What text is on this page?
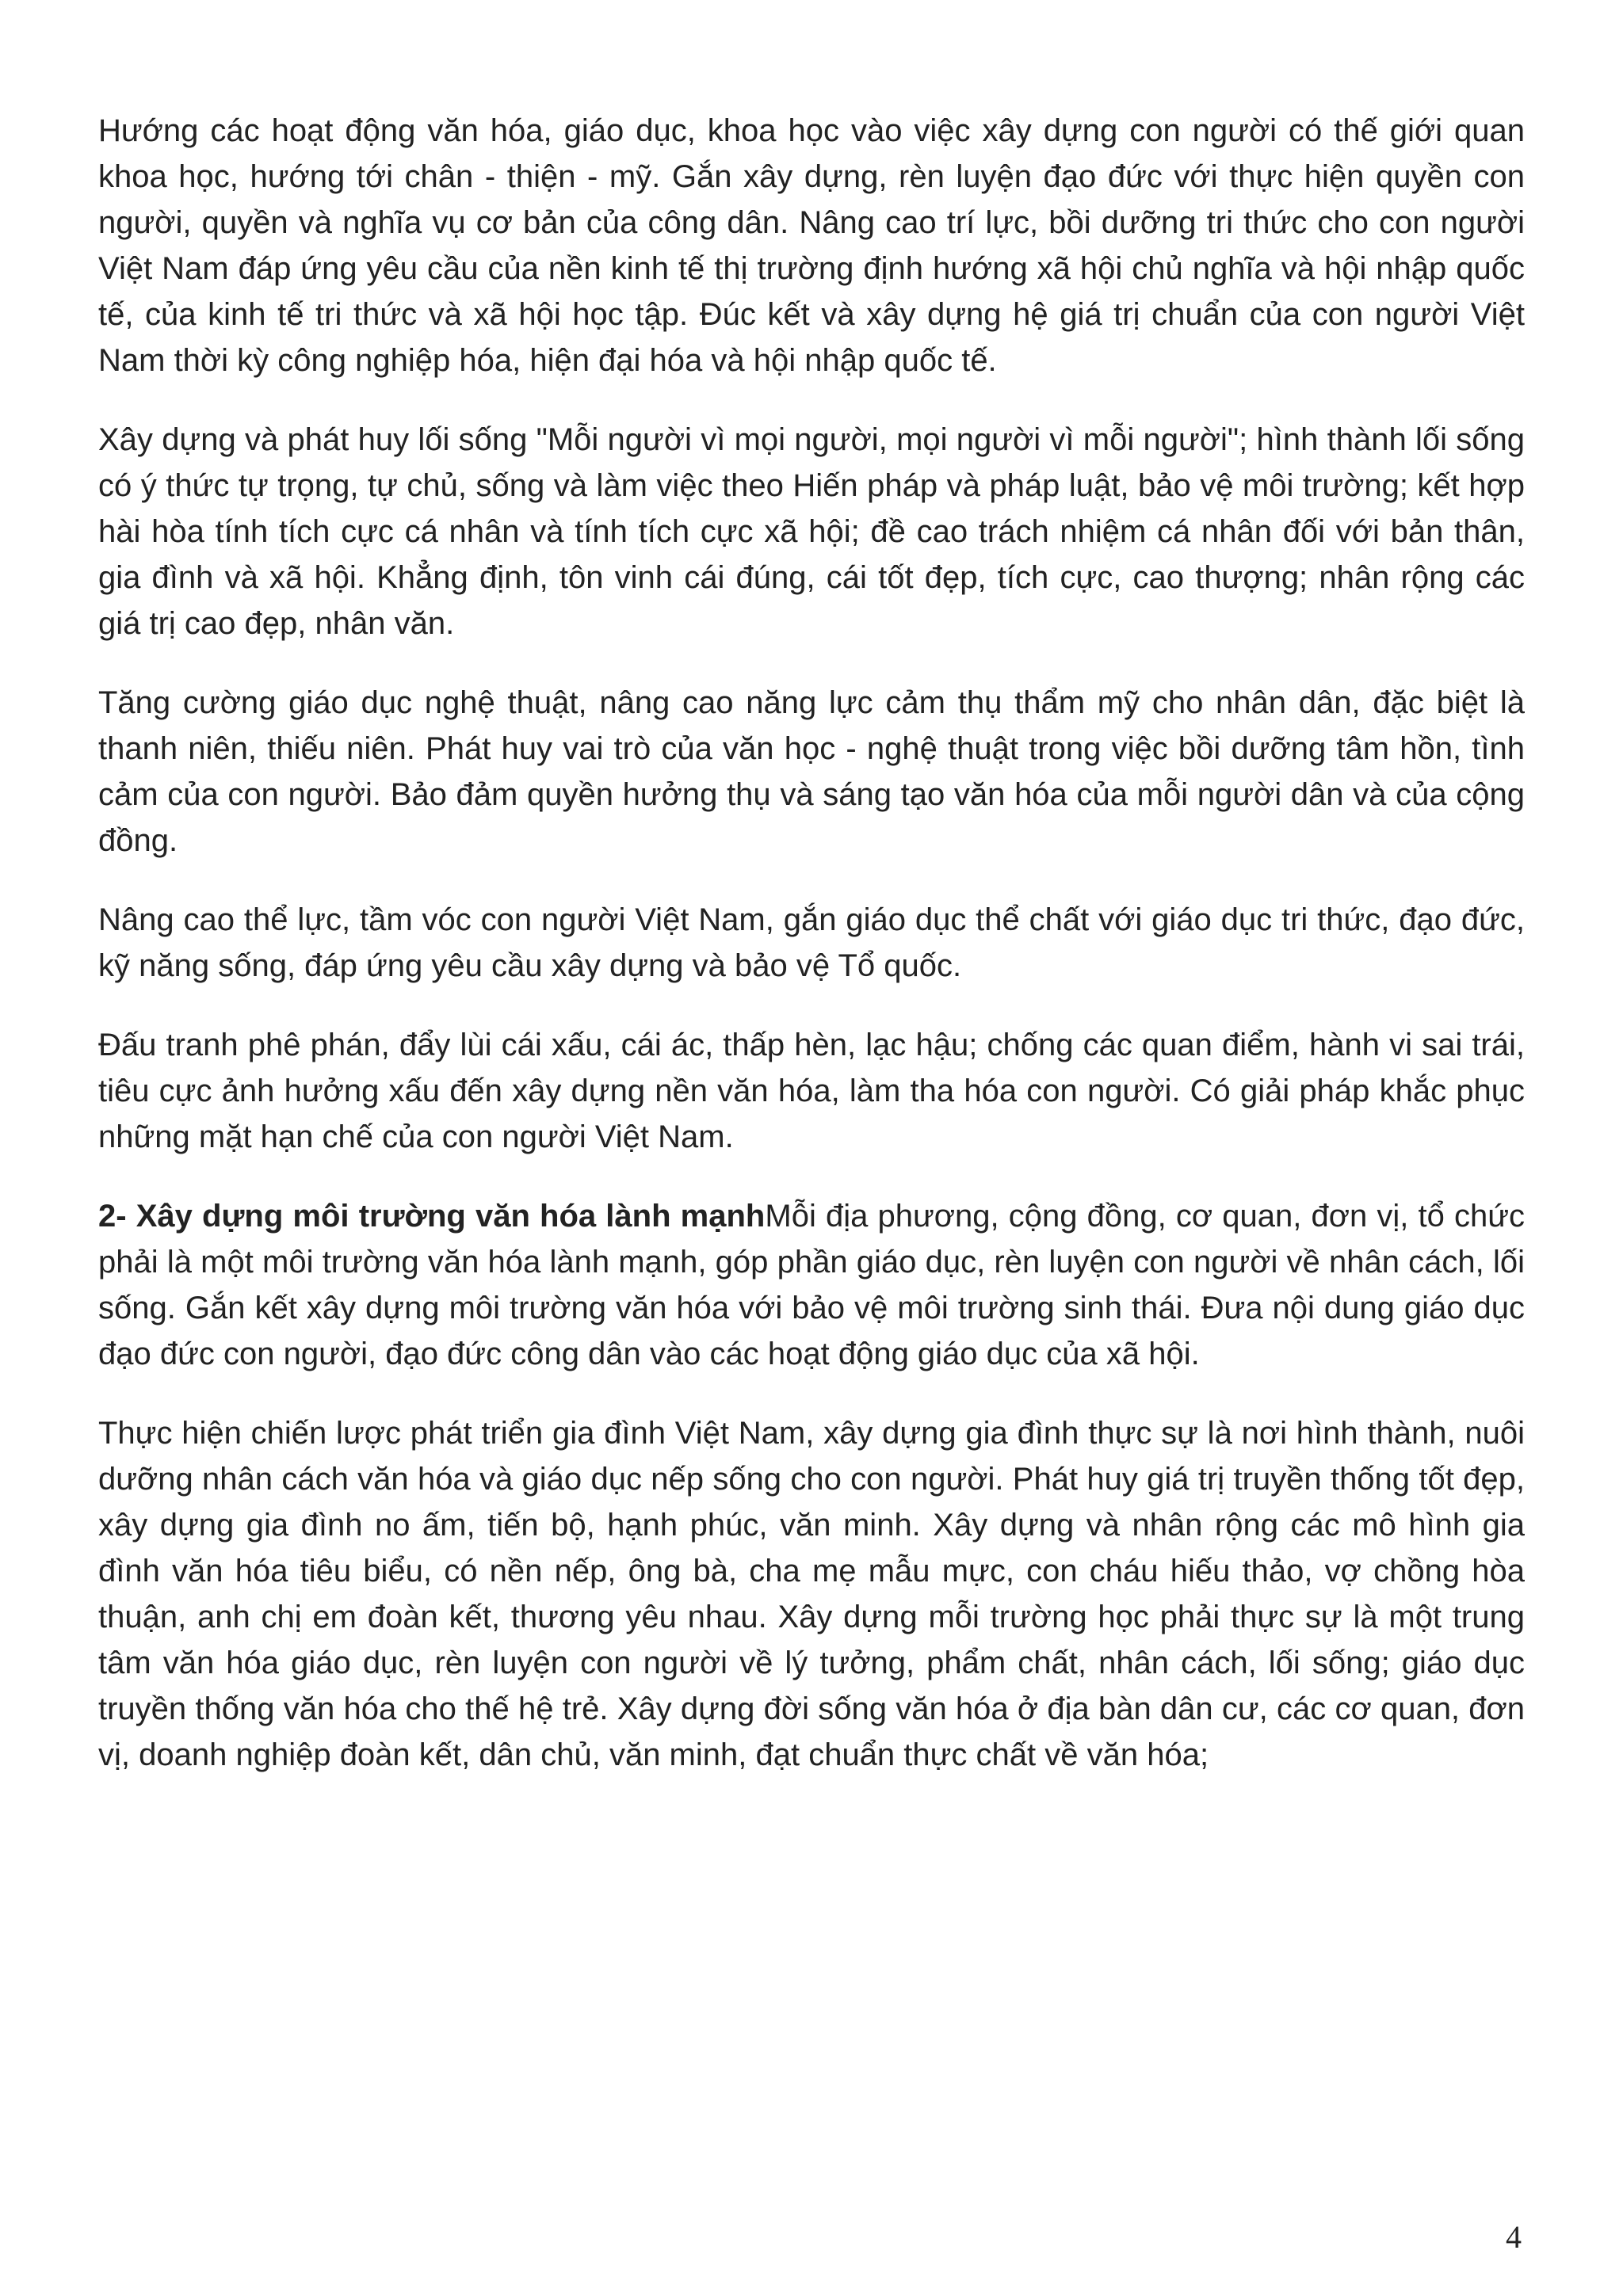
Hướng các hoạt động văn hóa, giáo dục, khoa học vào việc xây dựng con người có thế giới quan khoa học, hướng tới chân - thiện - mỹ. Gắn xây dựng, rèn luyện đạo đức với thực hiện quyền con người, quyền và nghĩa vụ cơ bản của công dân. Nâng cao trí lực, bồi dưỡng tri thức cho con người Việt Nam đáp ứng yêu cầu của nền kinh tế thị trường định hướng xã hội chủ nghĩa và hội nhập quốc tế, của kinh tế tri thức và xã hội học tập. Đúc kết và xây dựng hệ giá trị chuẩn của con người Việt Nam thời kỳ công nghiệp hóa, hiện đại hóa và hội nhập quốc tế.

Xây dựng và phát huy lối sống "Mỗi người vì mọi người, mọi người vì mỗi người"; hình thành lối sống có ý thức tự trọng, tự chủ, sống và làm việc theo Hiến pháp và pháp luật, bảo vệ môi trường; kết hợp hài hòa tính tích cực cá nhân và tính tích cực xã hội; đề cao trách nhiệm cá nhân đối với bản thân, gia đình và xã hội. Khẳng định, tôn vinh cái đúng, cái tốt đẹp, tích cực, cao thượng; nhân rộng các giá trị cao đẹp, nhân văn.

Tăng cường giáo dục nghệ thuật, nâng cao năng lực cảm thụ thẩm mỹ cho nhân dân, đặc biệt là thanh niên, thiếu niên. Phát huy vai trò của văn học - nghệ thuật trong việc bồi dưỡng tâm hồn, tình cảm của con người. Bảo đảm quyền hưởng thụ và sáng tạo văn hóa của mỗi người dân và của cộng đồng.

Nâng cao thể lực, tầm vóc con người Việt Nam, gắn giáo dục thể chất với giáo dục tri thức, đạo đức, kỹ năng sống, đáp ứng yêu cầu xây dựng và bảo vệ Tổ quốc.

Đấu tranh phê phán, đẩy lùi cái xấu, cái ác, thấp hèn, lạc hậu; chống các quan điểm, hành vi sai trái, tiêu cực ảnh hưởng xấu đến xây dựng nền văn hóa, làm tha hóa con người. Có giải pháp khắc phục những mặt hạn chế của con người Việt Nam.

2- Xây dựng môi trường văn hóa lành mạnhMỗi địa phương, cộng đồng, cơ quan, đơn vị, tổ chức phải là một môi trường văn hóa lành mạnh, góp phần giáo dục, rèn luyện con người về nhân cách, lối sống. Gắn kết xây dựng môi trường văn hóa với bảo vệ môi trường sinh thái. Đưa nội dung giáo dục đạo đức con người, đạo đức công dân vào các hoạt động giáo dục của xã hội.

Thực hiện chiến lược phát triển gia đình Việt Nam, xây dựng gia đình thực sự là nơi hình thành, nuôi dưỡng nhân cách văn hóa và giáo dục nếp sống cho con người. Phát huy giá trị truyền thống tốt đẹp, xây dựng gia đình no ấm, tiến bộ, hạnh phúc, văn minh. Xây dựng và nhân rộng các mô hình gia đình văn hóa tiêu biểu, có nền nếp, ông bà, cha mẹ mẫu mực, con cháu hiếu thảo, vợ chồng hòa thuận, anh chị em đoàn kết, thương yêu nhau. Xây dựng mỗi trường học phải thực sự là một trung tâm văn hóa giáo dục, rèn luyện con người về lý tưởng, phẩm chất, nhân cách, lối sống; giáo dục truyền thống văn hóa cho thế hệ trẻ. Xây dựng đời sống văn hóa ở địa bàn dân cư, các cơ quan, đơn vị, doanh nghiệp đoàn kết, dân chủ, văn minh, đạt chuẩn thực chất về văn hóa;

4
